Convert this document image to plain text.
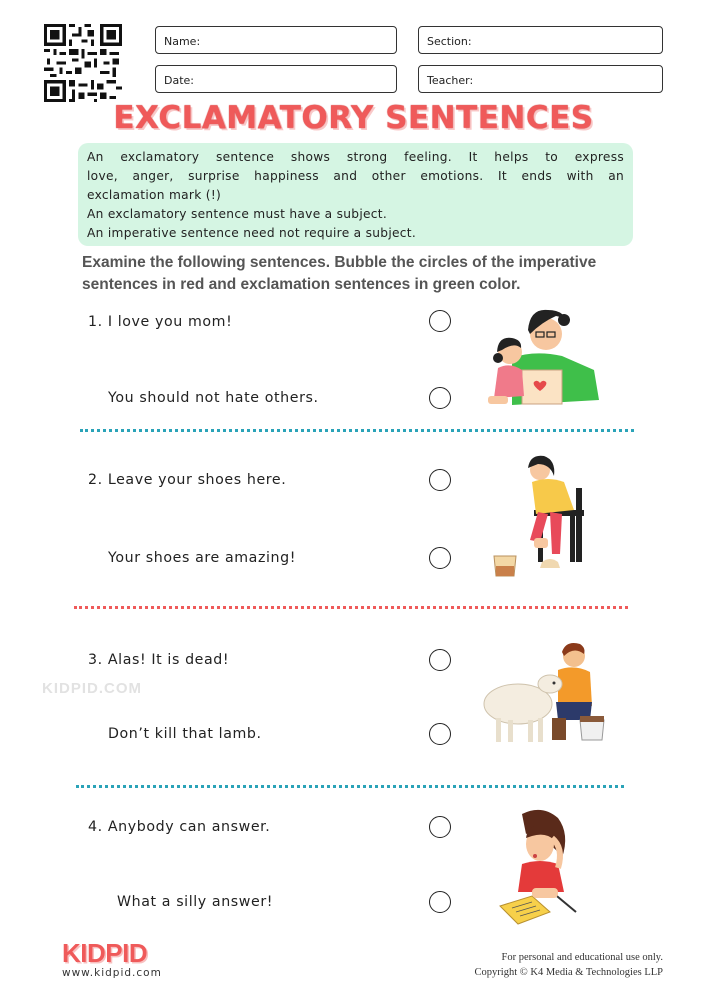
Name:	Section:
Date:	Teacher:
EXCLAMATORY SENTENCES

An exclamatory sentence shows strong feeling. It helps to express

love, anger, surprise happiness and other emotions. It ends with an

exclamation mark (!)

An exclamatory sentence must have a subject.

An imperative sentence need not require a subject.

Examine the following sentences. Bubble the circles of the imperative sentences in red and exclamation sentences in green color.
1. I love you mom!
You should not hate others.
2. Leave your shoes here.
Your shoes are amazing!
3. Alas! It is dead!
Don’t kill that lamb.
4. Anybody can answer.
What a silly answer!
KIDPID.COM
KIDPID
www.kidpid.com
For personal and educational use only.
Copyright © K4 Media & Technologies LLP
